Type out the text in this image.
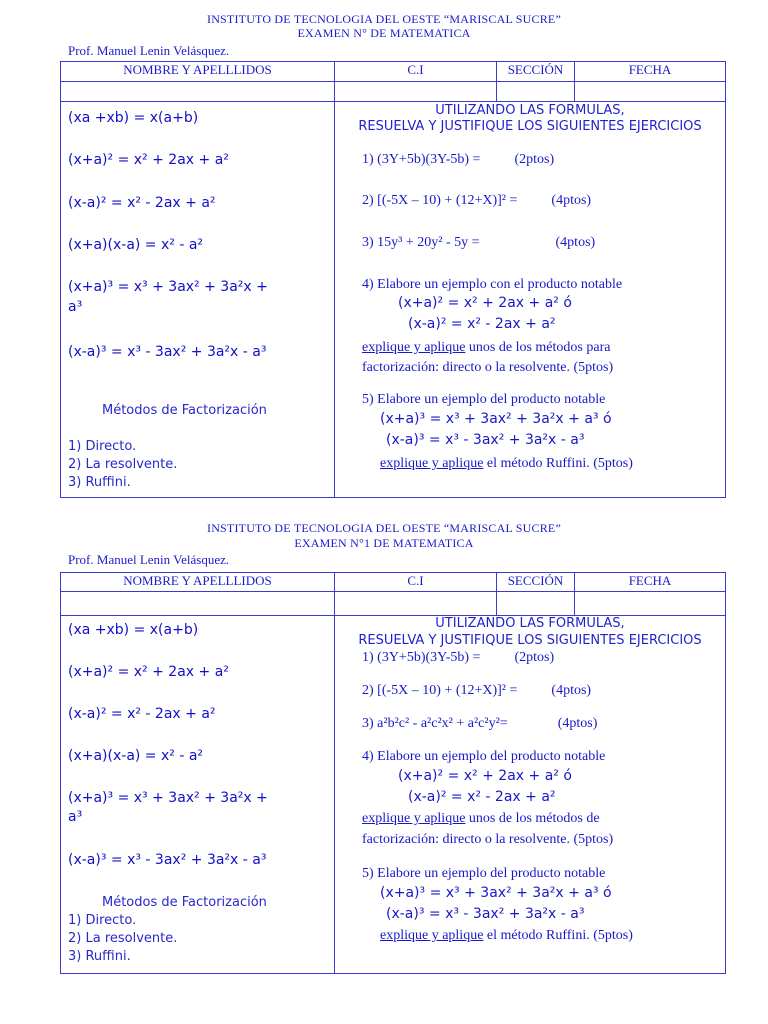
INSTITUTO DE TECNOLOGIA DEL OESTE “MARISCAL SUCRE”
EXAMEN N° DE MATEMATICA
Prof. Manuel Lenin Velásquez.
NOMBRE Y APELLLIDOS	C.I	SECCIÓN	FECHA
(xa +xb) = x(a+b)
(x+a)² = x² + 2ax + a²
(x-a)² = x² - 2ax + a²
(x+a)(x-a) = x² - a²
(x+a)³ = x³ + 3ax² + 3a²x +
a³
(x-a)³ = x³ - 3ax² + 3a²x - a³
Métodos de Factorización
1) Directo.
2) La resolvente.
3) Ruffini.
UTILIZANDO LAS FORMULAS,
RESUELVA Y JUSTIFIQUE LOS SIGUIENTES EJERCICIOS
1) (3Y+5b)(3Y-5b) = (2ptos)
2) [(-5X – 10) + (12+X)]² = (4ptos)
3) 15y³ + 20y² - 5y =	(4ptos)
4) Elabore un ejemplo con el producto notable
(x+a)² = x² + 2ax + a² ó
(x-a)² = x² - 2ax + a²
explique y aplique unos de los métodos para
factorización: directo o la resolvente. (5ptos)
5) Elabore un ejemplo del producto notable
(x+a)³ = x³ + 3ax² + 3a²x + a³ ó
(x-a)³ = x³ - 3ax² + 3a²x - a³
explique y aplique el método Ruffini. (5ptos)
INSTITUTO DE TECNOLOGIA DEL OESTE “MARISCAL SUCRE”
EXAMEN N°1 DE MATEMATICA
Prof. Manuel Lenin Velásquez.
NOMBRE Y APELLLIDOS	C.I	SECCIÓN	FECHA
(xa +xb) = x(a+b)
(x+a)² = x² + 2ax + a²
(x-a)² = x² - 2ax + a²
(x+a)(x-a) = x² - a²
(x+a)³ = x³ + 3ax² + 3a²x +
a³
(x-a)³ = x³ - 3ax² + 3a²x - a³
Métodos de Factorización
1) Directo.
2) La resolvente.
3) Ruffini.
UTILIZANDO LAS FORMULAS,
RESUELVA Y JUSTIFIQUE LOS SIGUIENTES EJERCICIOS
1) (3Y+5b)(3Y-5b) = (2ptos)
2) [(-5X – 10) + (12+X)]² = (4ptos)
3) a²b²c² - a²c²x² + a²c²y²=	(4ptos)
4) Elabore un ejemplo del producto notable
(x+a)² = x² + 2ax + a² ó
(x-a)² = x² - 2ax + a²
explique y aplique unos de los métodos de
factorización: directo o la resolvente. (5ptos)
5) Elabore un ejemplo del producto notable
(x+a)³ = x³ + 3ax² + 3a²x + a³ ó
(x-a)³ = x³ - 3ax² + 3a²x - a³
explique y aplique el método Ruffini. (5ptos)
